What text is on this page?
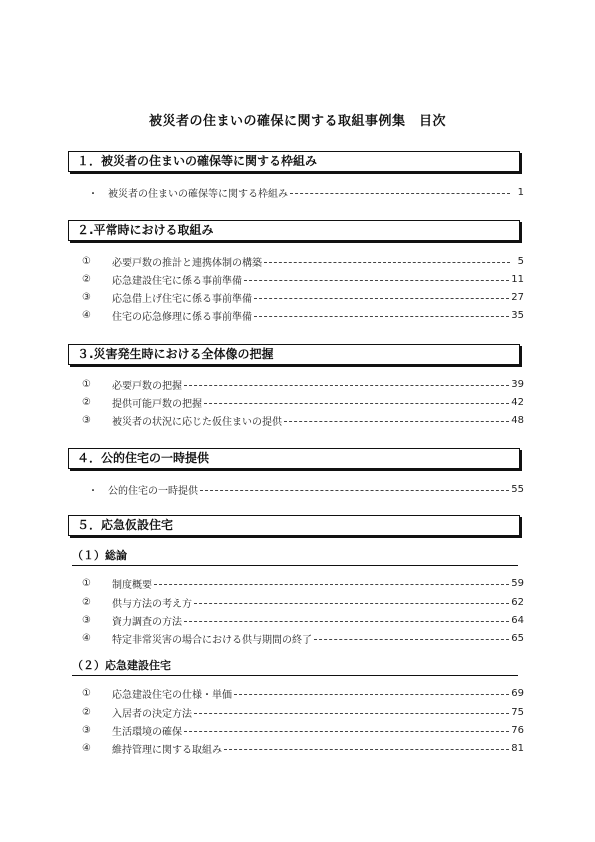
被災者の住まいの確保に関する取組事例集　目次
１．被災者の住まいの確保等に関する枠組み
・	被災者の住まいの確保等に関する枠組み	1
２.平常時における取組み
①	必要戸数の推計と連携体制の構築	5
②	応急建設住宅に係る事前準備	11
③	応急借上げ住宅に係る事前準備	27
④	住宅の応急修理に係る事前準備	35
３.災害発生時における全体像の把握
①	必要戸数の把握	39
②	提供可能戸数の把握	42
③	被災者の状況に応じた仮住まいの提供	48
４．公的住宅の一時提供
・	公的住宅の一時提供	55
５．応急仮設住宅
（１）総論
①	制度概要	59
②	供与方法の考え方	62
③	資力調査の方法	64
④	特定非常災害の場合における供与期間の終了	65
（２）応急建設住宅
①	応急建設住宅の仕様・単価	69
②	入居者の決定方法	75
③	生活環境の確保	76
④	維持管理に関する取組み	81
